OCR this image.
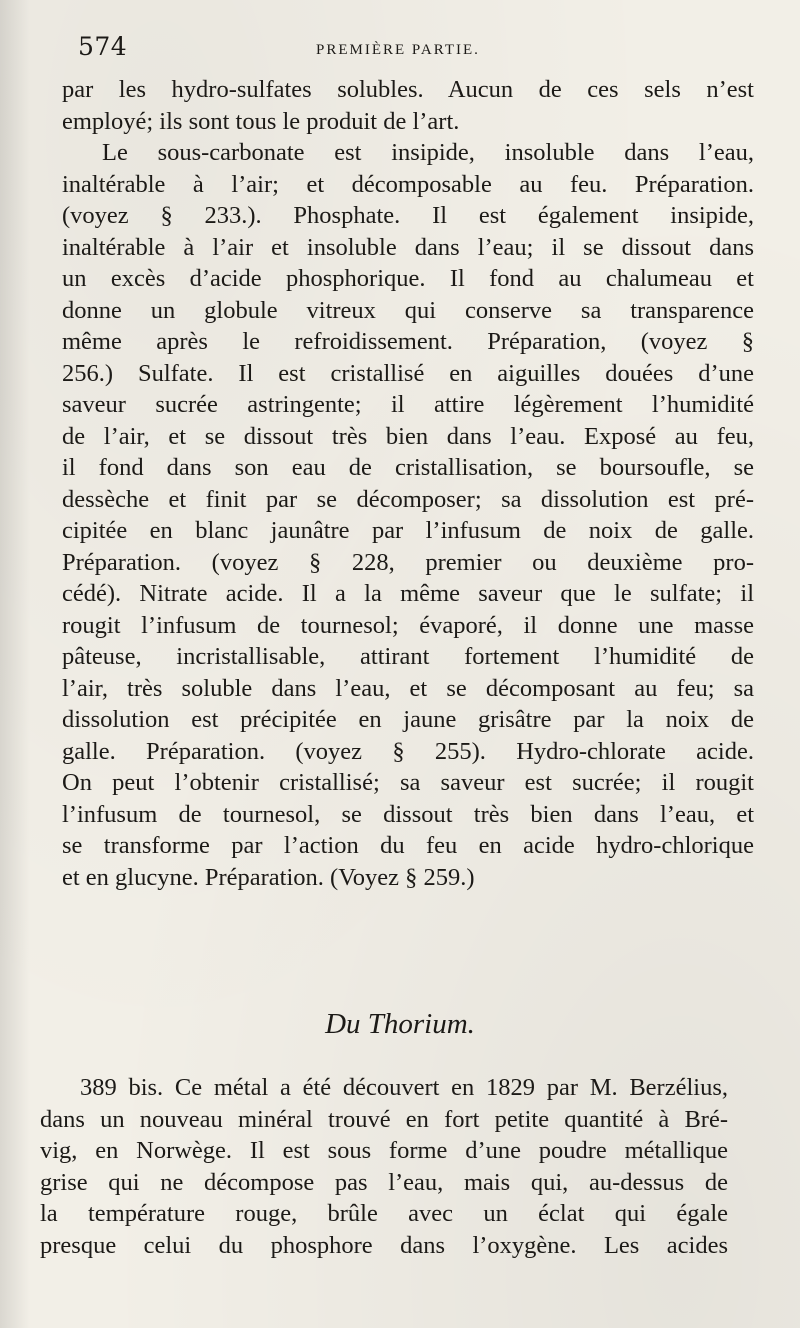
574	PREMIÈRE PARTIE.
par les hydro-sulfates solubles. Aucun de ces sels n’est
employé; ils sont tous le produit de l’art.
Le sous-carbonate est insipide, insoluble dans l’eau,
inaltérable à l’air; et décomposable au feu. Préparation.
(voyez § 233.). Phosphate. Il est également insipide,
inaltérable à l’air et insoluble dans l’eau; il se dissout dans
un excès d’acide phosphorique. Il fond au chalumeau et
donne un globule vitreux qui conserve sa transparence
même après le refroidissement. Préparation, (voyez §
256.) Sulfate. Il est cristallisé en aiguilles douées d’une
saveur sucrée astringente; il attire légèrement l’humidité
de l’air, et se dissout très bien dans l’eau. Exposé au feu,
il fond dans son eau de cristallisation, se boursoufle, se
dessèche et finit par se décomposer; sa dissolution est pré-
cipitée en blanc jaunâtre par l’infusum de noix de galle.
Préparation. (voyez § 228, premier ou deuxième pro-
cédé). Nitrate acide. Il a la même saveur que le sulfate; il
rougit l’infusum de tournesol; évaporé, il donne une masse
pâteuse, incristallisable, attirant fortement l’humidité de
l’air, très soluble dans l’eau, et se décomposant au feu; sa
dissolution est précipitée en jaune grisâtre par la noix de
galle. Préparation. (voyez § 255). Hydro-chlorate acide.
On peut l’obtenir cristallisé; sa saveur est sucrée; il rougit
l’infusum de tournesol, se dissout très bien dans l’eau, et
se transforme par l’action du feu en acide hydro-chlorique
et en glucyne. Préparation. (Voyez § 259.)
Du Thorium.
389 bis. Ce métal a été découvert en 1829 par M. Berzélius,
dans un nouveau minéral trouvé en fort petite quantité à Bré-
vig, en Norwège. Il est sous forme d’une poudre métallique
grise qui ne décompose pas l’eau, mais qui, au-dessus de
la température rouge, brûle avec un éclat qui égale
presque celui du phosphore dans l’oxygène. Les acides
